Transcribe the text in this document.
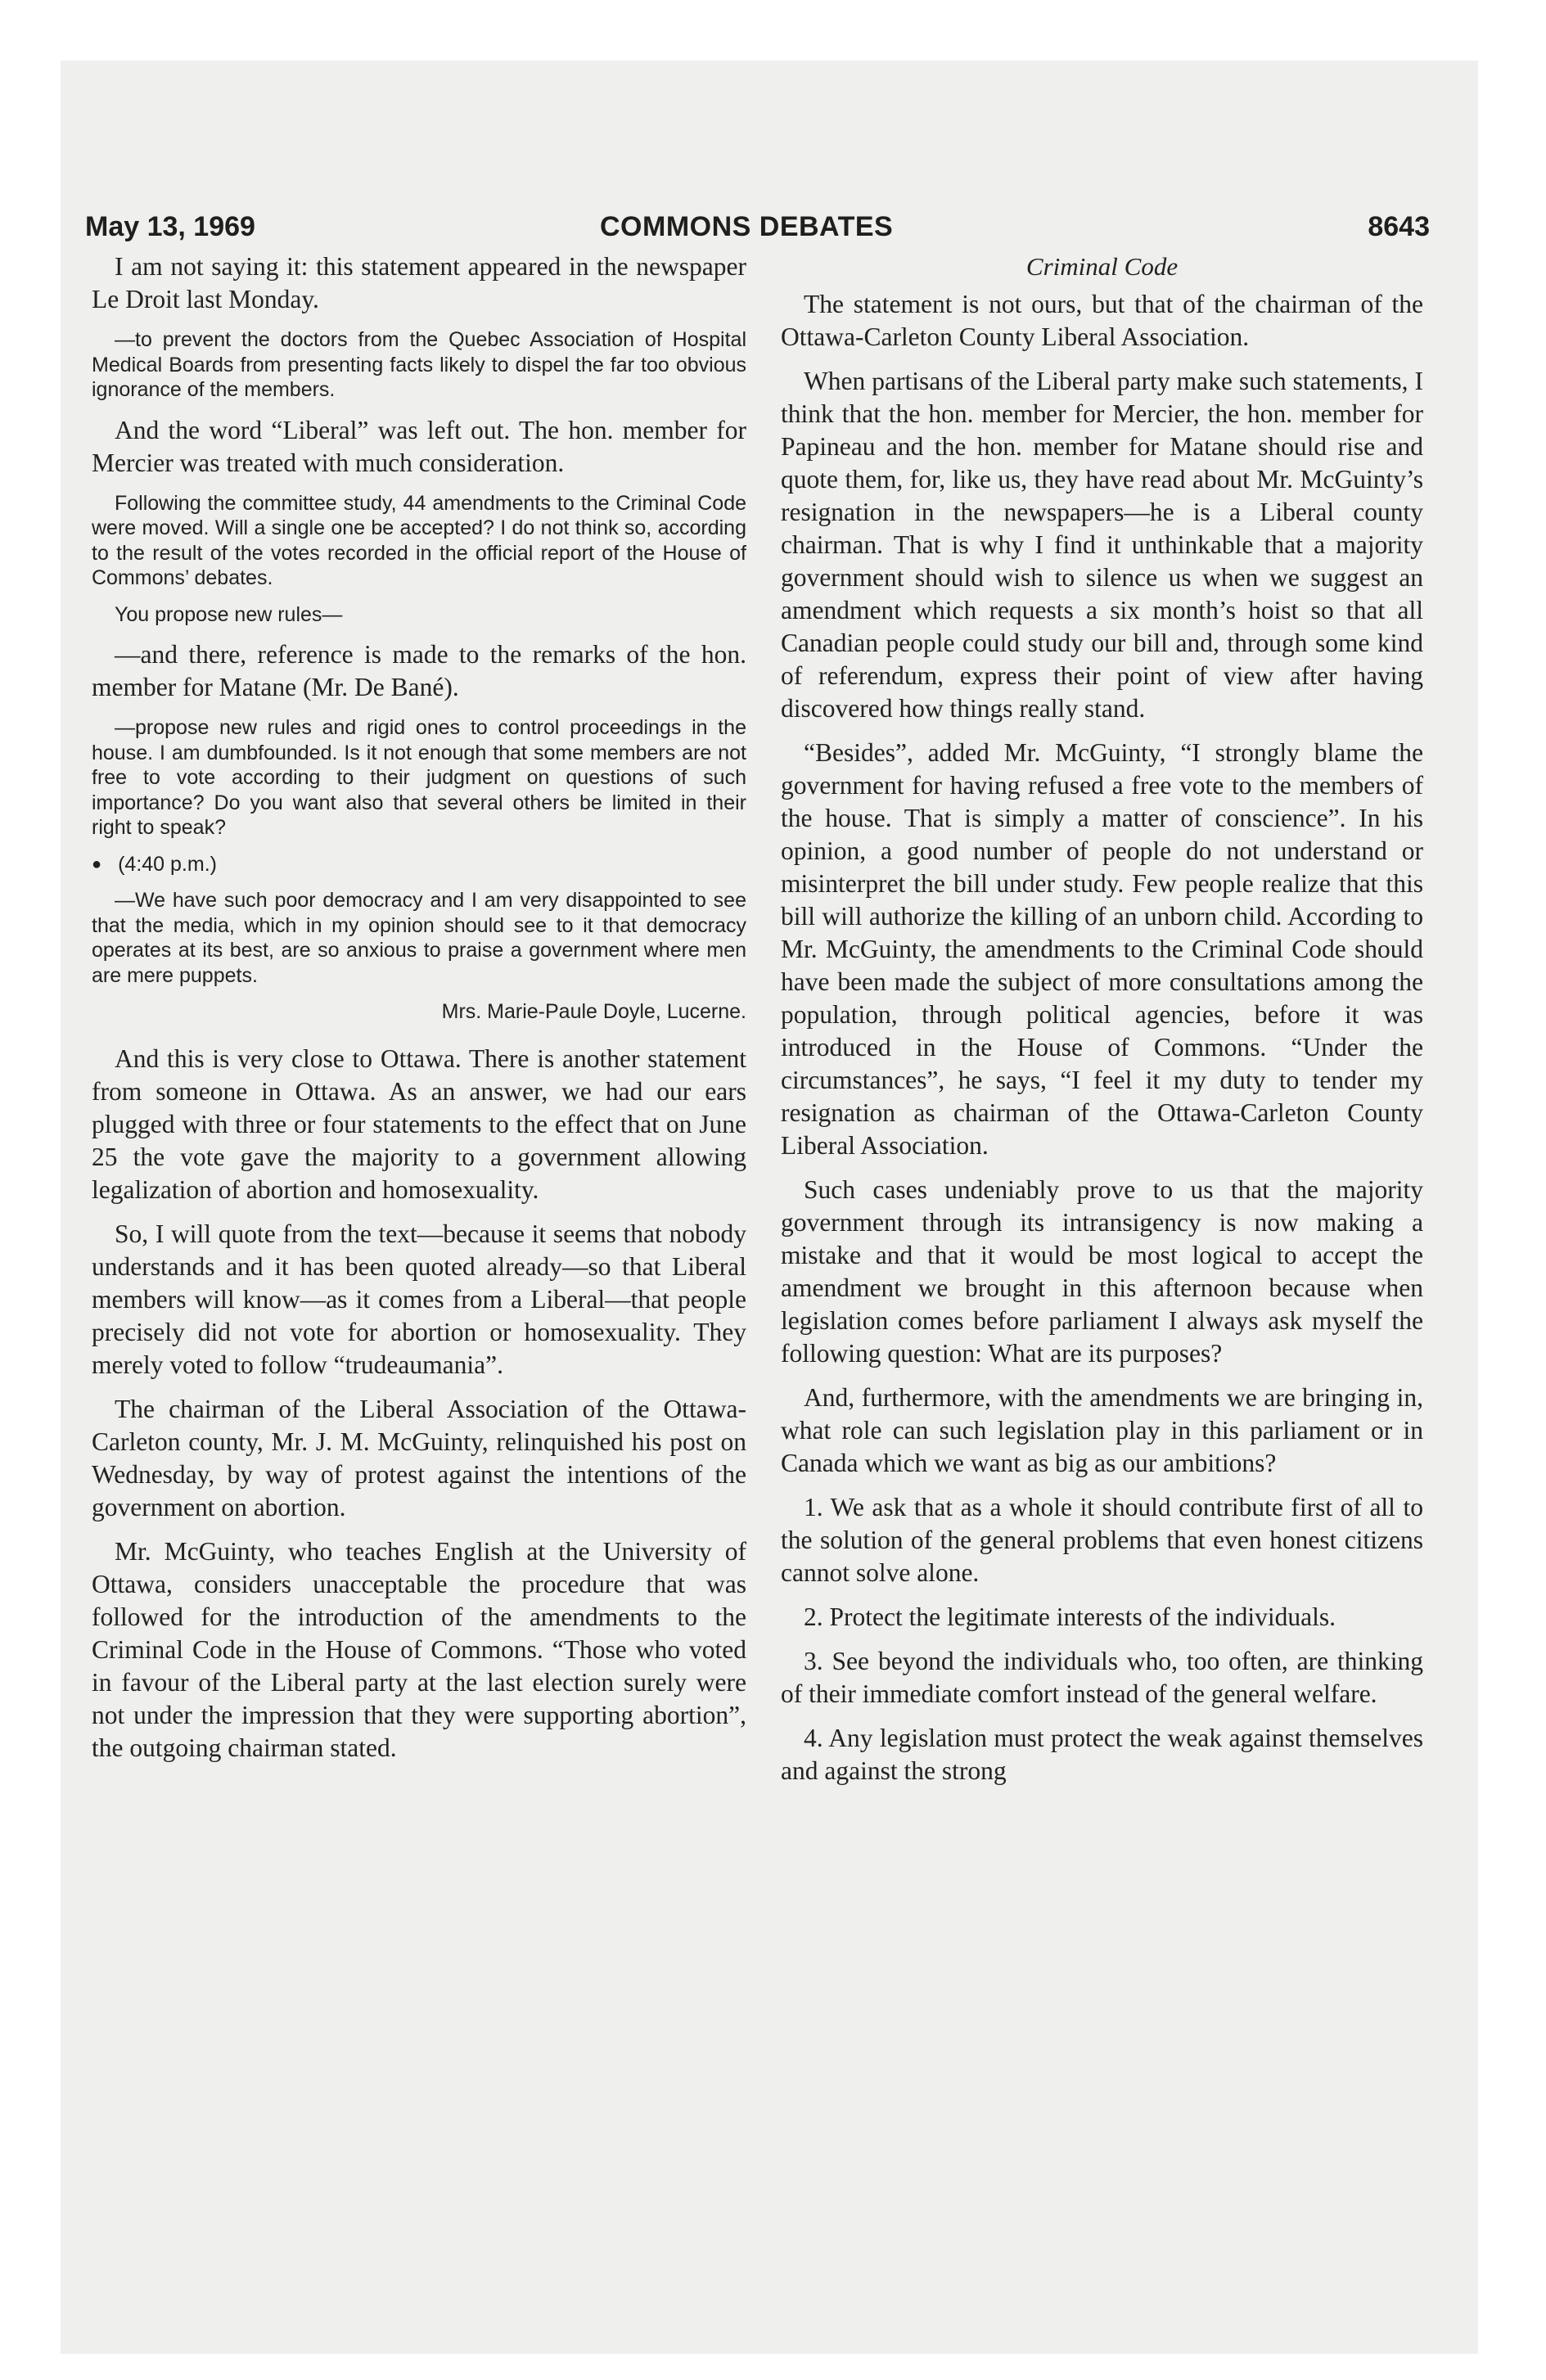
May 13, 1969	COMMONS DEBATES	8643

I am not saying it: this statement appeared in the newspaper Le Droit last Monday.

—to prevent the doctors from the Quebec Association of Hospital Medical Boards from presenting facts likely to dispel the far too obvious ignorance of the members.

And the word “Liberal” was left out. The hon. member for Mercier was treated with much consideration.

Following the committee study, 44 amendments to the Criminal Code were moved. Will a single one be accepted? I do not think so, according to the result of the votes recorded in the official report of the House of Commons’ debates.

You propose new rules—

—and there, reference is made to the remarks of the hon. member for Matane (Mr. De Bané).

—propose new rules and rigid ones to control proceedings in the house. I am dumbfounded. Is it not enough that some members are not free to vote according to their judgment on questions of such importance? Do you want also that several others be limited in their right to speak?

● (4:40 p.m.)

—We have such poor democracy and I am very disappointed to see that the media, which in my opinion should see to it that democracy operates at its best, are so anxious to praise a government where men are mere puppets.

Mrs. Marie-Paule Doyle, Lucerne.

And this is very close to Ottawa. There is another statement from someone in Ottawa. As an answer, we had our ears plugged with three or four statements to the effect that on June 25 the vote gave the majority to a government allowing legalization of abortion and homosexuality.

So, I will quote from the text—because it seems that nobody understands and it has been quoted already—so that Liberal members will know—as it comes from a Liberal—that people precisely did not vote for abortion or homosexuality. They merely voted to follow “trudeaumania”.

The chairman of the Liberal Association of the Ottawa-Carleton county, Mr. J. M. McGuinty, relinquished his post on Wednesday, by way of protest against the intentions of the government on abortion.

Mr. McGuinty, who teaches English at the University of Ottawa, considers unacceptable the procedure that was followed for the introduction of the amendments to the Criminal Code in the House of Commons. “Those who voted in favour of the Liberal party at the last election surely were not under the impression that they were supporting abortion”, the outgoing chairman stated.

Criminal Code

The statement is not ours, but that of the chairman of the Ottawa-Carleton County Liberal Association.

When partisans of the Liberal party make such statements, I think that the hon. member for Mercier, the hon. member for Papineau and the hon. member for Matane should rise and quote them, for, like us, they have read about Mr. McGuinty’s resignation in the newspapers—he is a Liberal county chairman. That is why I find it unthinkable that a majority government should wish to silence us when we suggest an amendment which requests a six month’s hoist so that all Canadian people could study our bill and, through some kind of referendum, express their point of view after having discovered how things really stand.

“Besides”, added Mr. McGuinty, “I strongly blame the government for having refused a free vote to the members of the house. That is simply a matter of conscience”. In his opinion, a good number of people do not understand or misinterpret the bill under study. Few people realize that this bill will authorize the killing of an unborn child. According to Mr. McGuinty, the amendments to the Criminal Code should have been made the subject of more consultations among the population, through political agencies, before it was introduced in the House of Commons. “Under the circumstances”, he says, “I feel it my duty to tender my resignation as chairman of the Ottawa-Carleton County Liberal Association.

Such cases undeniably prove to us that the majority government through its intransigency is now making a mistake and that it would be most logical to accept the amendment we brought in this afternoon because when legislation comes before parliament I always ask myself the following question: What are its purposes?

And, furthermore, with the amendments we are bringing in, what role can such legislation play in this parliament or in Canada which we want as big as our ambitions?

1. We ask that as a whole it should contribute first of all to the solution of the general problems that even honest citizens cannot solve alone.

2. Protect the legitimate interests of the individuals.

3. See beyond the individuals who, too often, are thinking of their immediate comfort instead of the general welfare.

4. Any legislation must protect the weak against themselves and against the strong
